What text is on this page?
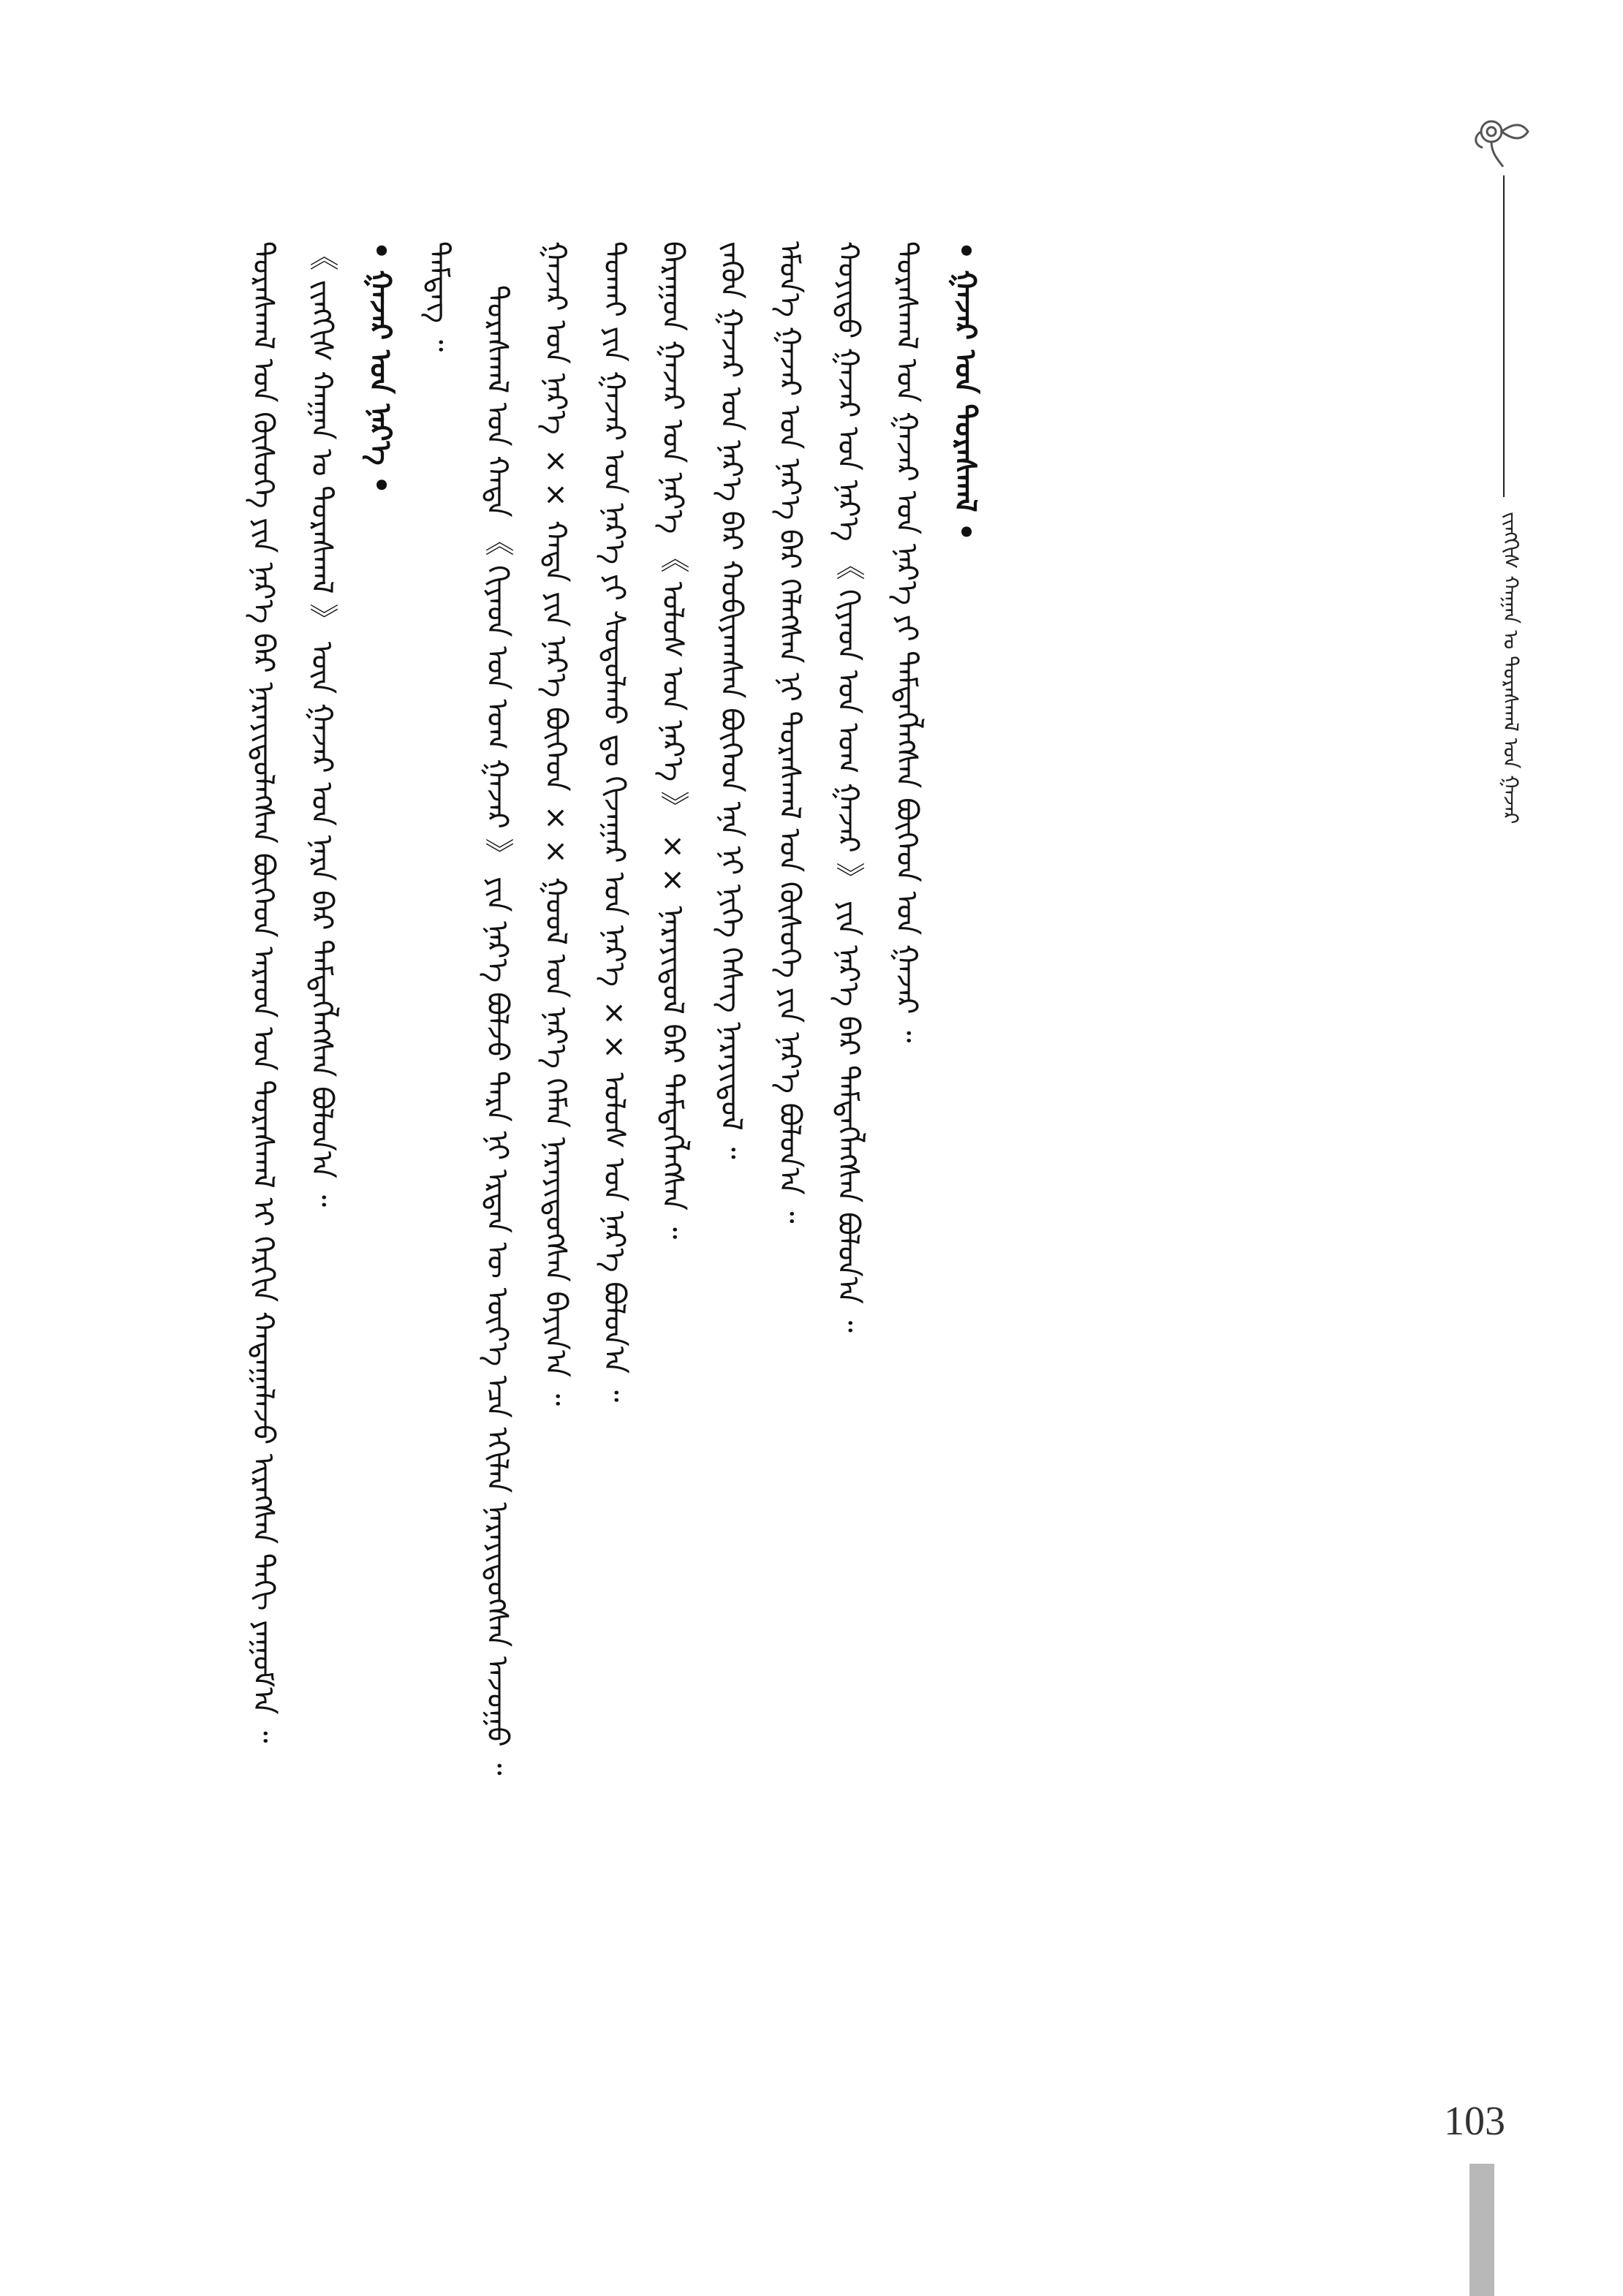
ᠵᠢᠩᠭᠢᠰ ᠬᠠᠭᠠᠨ ᠤ ᠳᠤᠷᠠᠰᠬᠠᠯ ᠤᠨ ᠭᠠᠵᠠᠷ

ᠳᠤᠷᠠᠰᠬᠠᠯ ᠤᠨ ᠬᠦᠰᠦᠭᠡ ᠶᠢᠨ ᠨᠡᠷ᠎ᠡ ᠪᠡᠷ ᠨᠡᠷᠡᠶᠢᠳᠦᠯᠡᠭᠰᠡᠨ ᠪᠦᠭᠡᠳ ᠠᠷᠠᠳ ᠤᠨ ᠳᠤᠷᠠᠰᠬᠠᠯ ᠢ ᠬᠡᠷᠬᠢᠨ ᠬᠠᠳᠠᠭᠠᠯᠠᠵᠤ ᠢᠷᠡᠭᠰᠡᠨ ᠲᠠᠬᠢ ᠶᠠᠭᠤᠮ᠎ᠠ ᠃ 《 ᠵᠢᠩᠭᠢᠰ ᠬᠠᠭᠠᠨ ᠤ ᠳᠤᠷᠠᠰᠬᠠᠯ 》 ᠦᠨ ᠭᠠᠵᠠᠷ ᠤᠨ ᠨᠡᠷᠡ ᠪᠡᠷ ᠲᠡᠮᠳᠡᠭᠯᠡᠭᠰᠡᠨ ᠪᠣᠯᠤᠨ᠎ᠠ ᠃ • ᠭᠠᠵᠠᠷ ᠤᠨ ᠨᠡᠷ᠎ᠡ • ᠲᠡᠮᠳᠡᠭ ᠃ ᠳᠤᠷᠠᠰᠬᠠᠯ ᠤᠨ ᠬᠠᠳᠠ 《 ᠬᠢᠶᠠᠳ ᠤᠨ ᠤᠭ ᠭᠠᠵᠠᠷ 》 ᠶᠢᠨ ᠨᠡᠷ᠎ᠡ ᠪᠣᠯᠵᠤ ᠲᠡᠷᠡ ᠨᠢ ᠡᠷᠲᠡᠨ ᠦ ᠦᠶ᠎ᠡ ᠡᠴᠡ ᠡᠬᠢᠯᠡᠨ ᠨᠡᠷᠡᠶᠢᠳᠦᠭᠰᠡᠨ ᠠᠵᠤᠭᠤ ᠃ ᠭᠠᠵᠠᠷ ᠤᠨ ᠨᠡᠷ᠎ᠡ ×× ᠬᠠᠳᠠ ᠶᠢᠨ ᠨᠡᠷ᠎ᠡ ᠪᠦᠭᠡᠳ ×× ᠭᠣᠣᠯ ᠤᠨ ᠨᠡᠷ᠎ᠡ ᠬᠡᠮᠡᠨ ᠨᠡᠷᠡᠶᠢᠳᠦᠭᠰᠡᠨ ᠪᠠᠶᠢᠨ᠎ᠠ ᠃ ᠲᠤᠬᠠᠢ ᠶᠢᠨ ᠭᠠᠵᠠᠷ ᠤᠨ ᠨᠡᠷ᠎ᠡ ᠶᠢ ᠰᠤᠳᠤᠯᠬᠤ ᠳᠤ ᠬᠢᠵᠠᠭᠠᠷ ᠤᠨ ᠨᠡᠷ᠎ᠡ ×× ᠤᠯᠤᠰ ᠤᠨ ᠨᠡᠷ᠎ᠡ ᠪᠣᠯᠤᠨ᠎ᠠ ᠃ ᠪᠠᠷᠠᠭᠤᠨ ᠭᠠᠵᠠᠷ ᠤᠨ ᠨᠡᠷ᠎ᠡ 《 ᠤᠯᠤᠰ ᠤᠨ ᠨᠡᠷ᠎ᠡ 》 ×× ᠨᠡᠷᠡᠶᠢᠳᠦᠯ ᠪᠠᠷ ᠲᠡᠮᠳᠡᠭᠯᠡᠭᠰᠡᠨ ᠃ ᠵᠡᠭᠦᠨ ᠭᠠᠵᠠᠷ ᠤᠨ ᠨᠡᠷ᠎ᠡ ᠪᠡᠷ ᠬᠤᠪᠢᠶᠠᠭᠰᠠᠨ ᠪᠦᠭᠡᠳ ᠡᠨᠡ ᠨᠢ ᠨᠢᠭᠡ ᠬᠡᠰᠡᠭ ᠨᠡᠷᠡᠶᠢᠳᠦᠯ ᠃ ᠡᠮᠦᠨ᠎ᠡ ᠭᠠᠵᠠᠷ ᠤᠨ ᠨᠡᠷ᠎ᠡ ᠪᠡᠷ ᠬᠡᠯᠡᠭᠰᠡᠨ ᠨᠢ ᠳᠤᠷᠠᠰᠬᠠᠯ ᠤᠨ ᠬᠦᠰᠦᠭᠡ ᠶᠢᠨ ᠨᠡᠷ᠎ᠡ ᠪᠣᠯᠤᠨ᠎ᠠ ᠃ ᠬᠣᠶᠢᠳᠤ ᠭᠠᠵᠠᠷ ᠤᠨ ᠨᠡᠷ᠎ᠡ 《 ᠬᠢᠶᠠᠳ ᠤᠨ ᠤᠭ ᠭᠠᠵᠠᠷ 》 ᠶᠢᠨ ᠨᠡᠷ᠎ᠡ ᠪᠡᠷ ᠲᠡᠮᠳᠡᠭᠯᠡᠭᠰᠡᠨ ᠪᠣᠯᠤᠨ᠎ᠠ ᠃ ᠳᠤᠷᠠᠰᠬᠠᠯ ᠤᠨ ᠭᠠᠵᠠᠷ ᠤᠨ ᠨᠡᠷ᠎ᠡ ᠶᠢ ᠲᠡᠮᠳᠡᠭᠯᠡᠭᠰᠡᠨ ᠪᠦᠭᠡᠳ ᠤᠨ ᠭᠠᠵᠠᠷ ᠃ • ᠭᠠᠵᠠᠷ ᠤᠨ ᠳᠤᠷᠠᠰᠬᠠᠯ •

103
